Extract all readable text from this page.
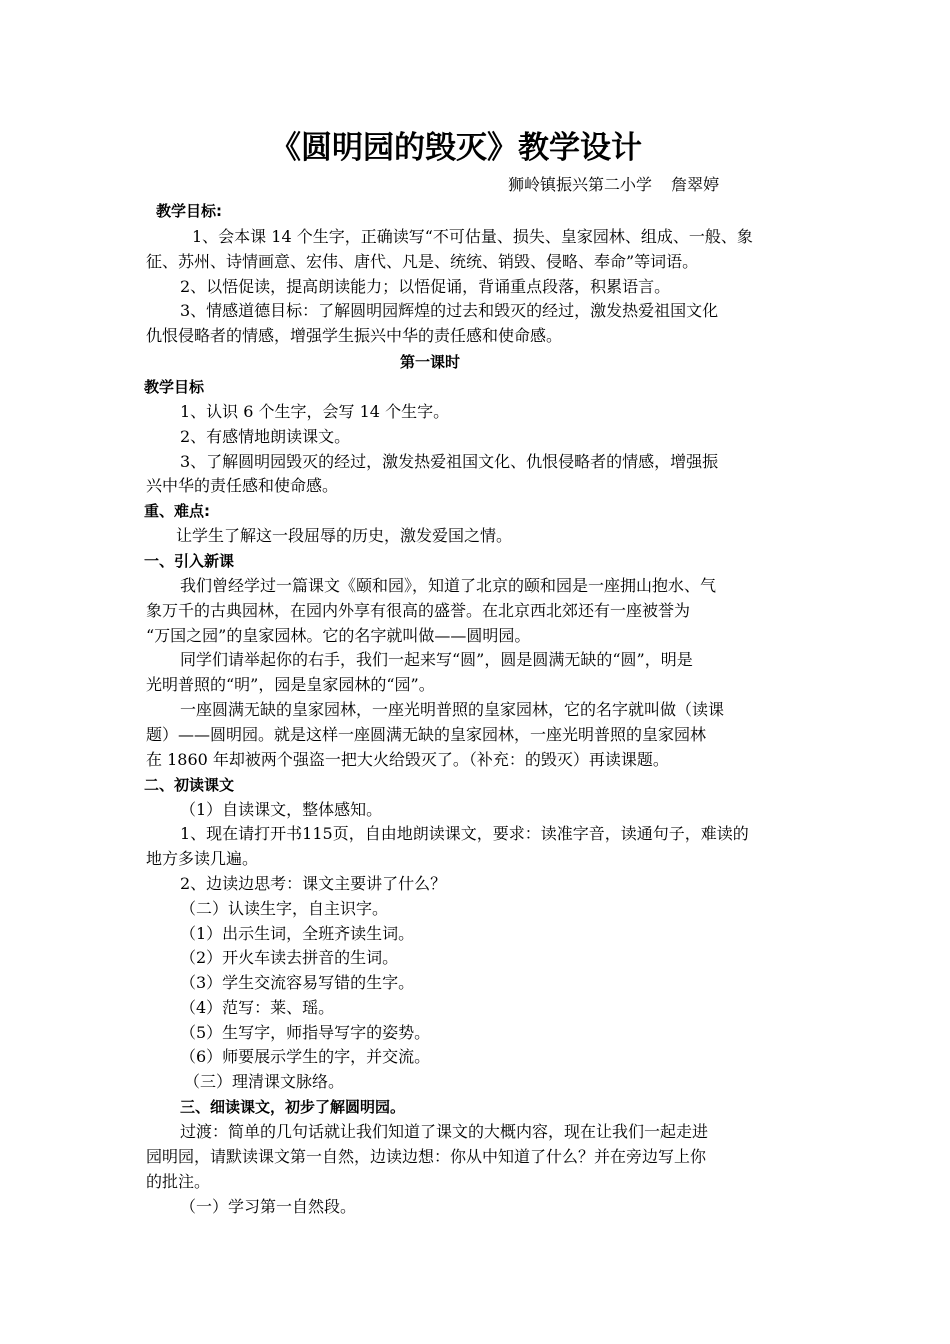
《圆明园的毁灭》教学设计
狮岭镇振兴第二小学 詹翠婷
教学目标:
1、会本课 14 个生字，正确读写“不可估量、损失、皇家园林、组成、一般、象
征、苏州、诗情画意、宏伟、唐代、凡是、统统、销毁、侵略、奉命”等词语。
2、以悟促读，提高朗读能力；以悟促诵，背诵重点段落，积累语言。
3、情感道德目标：了解圆明园辉煌的过去和毁灭的经过，激发热爱祖国文化
仇恨侵略者的情感，增强学生振兴中华的责任感和使命感。
第一课时
教学目标
1、认识 6 个生字，会写 14 个生字。
2、有感情地朗读课文。
3、了解圆明园毁灭的经过，激发热爱祖国文化、仇恨侵略者的情感，增强振
兴中华的责任感和使命感。
重、难点:
让学生了解这一段屈辱的历史，激发爱国之情。
一、引入新课
我们曾经学过一篇课文《颐和园》，知道了北京的颐和园是一座拥山抱水、气
象万千的古典园林，在园内外享有很高的盛誉。在北京西北郊还有一座被誉为
“万国之园”的皇家园林。它的名字就叫做——圆明园。
同学们请举起你的右手，我们一起来写“圆”，圆是圆满无缺的“圆”，明是
光明普照的“明”，园是皇家园林的“园”。
一座圆满无缺的皇家园林，一座光明普照的皇家园林，它的名字就叫做（读课
题）——圆明园。就是这样一座圆满无缺的皇家园林，一座光明普照的皇家园林
在 1860 年却被两个强盗一把大火给毁灭了。（补充：的毁灭）再读课题。
二、初读课文
（1）自读课文，整体感知。
1、现在请打开书115页，自由地朗读课文，要求：读准字音，读通句子，难读的
地方多读几遍。
2、边读边思考：课文主要讲了什么？
（二）认读生字，自主识字。
（1）出示生词，全班齐读生词。
（2）开火车读去拼音的生词。
（3）学生交流容易写错的生字。
（4）范写：莱、瑶。
（5）生写字，师指导写字的姿势。
（6）师要展示学生的字，并交流。
（三）理清课文脉络。
三、细读课文，初步了解圆明园。
过渡：简单的几句话就让我们知道了课文的大概内容，现在让我们一起走进
园明园，请默读课文第一自然，边读边想：你从中知道了什么？并在旁边写上你
的批注。
（一）学习第一自然段。
